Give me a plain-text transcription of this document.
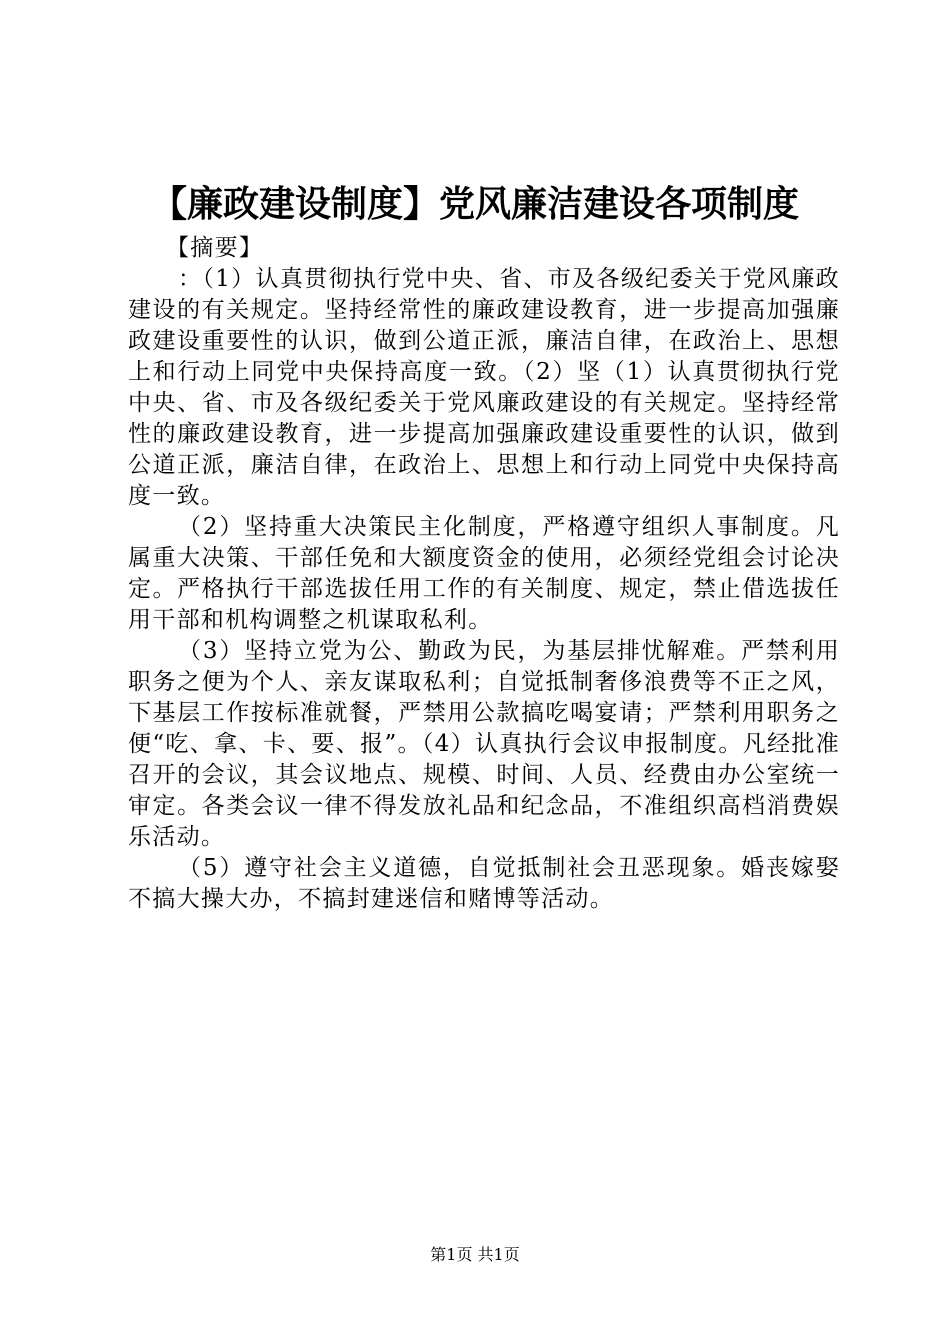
【廉政建设制度】党风廉洁建设各项制度

【摘要】

：（1）认真贯彻执行党中央、省、市及各级纪委关于党风廉政建设的有关规定。坚持经常性的廉政建设教育，进一步提高加强廉政建设重要性的认识，做到公道正派，廉洁自律，在政治上、思想上和行动上同党中央保持高度一致。（2）坚（1）认真贯彻执行党中央、省、市及各级纪委关于党风廉政建设的有关规定。坚持经常性的廉政建设教育，进一步提高加强廉政建设重要性的认识，做到公道正派，廉洁自律，在政治上、思想上和行动上同党中央保持高度一致。

（2）坚持重大决策民主化制度，严格遵守组织人事制度。凡属重大决策、干部任免和大额度资金的使用，必须经党组会讨论决定。严格执行干部选拔任用工作的有关制度、规定，禁止借选拔任用干部和机构调整之机谋取私利。

（3）坚持立党为公、勤政为民，为基层排忧解难。严禁利用职务之便为个人、亲友谋取私利；自觉抵制奢侈浪费等不正之风，下基层工作按标准就餐，严禁用公款搞吃喝宴请；严禁利用职务之便“吃、拿、卡、要、报”。（4）认真执行会议申报制度。凡经批准召开的会议，其会议地点、规模、时间、人员、经费由办公室统一审定。各类会议一律不得发放礼品和纪念品，不准组织高档消费娱乐活动。

（5）遵守社会主义道德，自觉抵制社会丑恶现象。婚丧嫁娶不搞大操大办，不搞封建迷信和赌博等活动。

第1页 共1页
